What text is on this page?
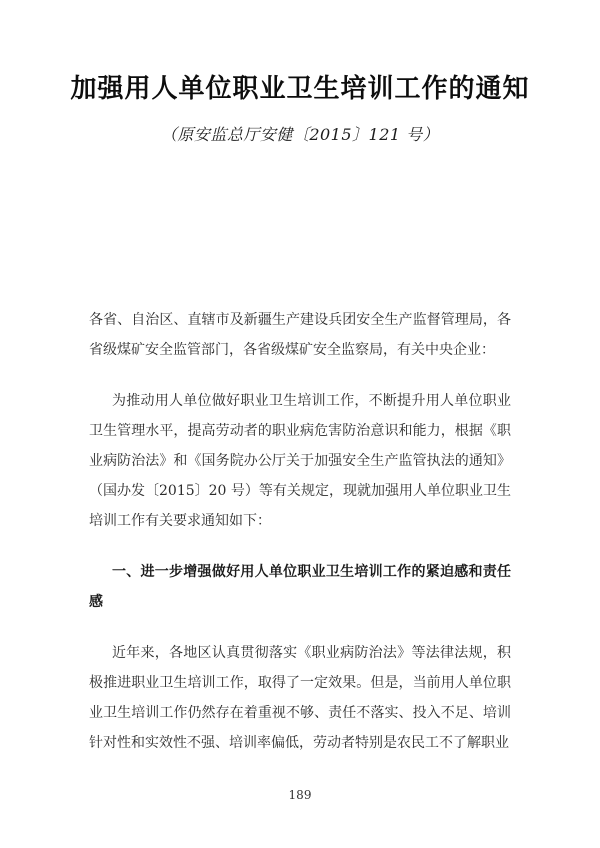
加强用人单位职业卫生培训工作的通知
（原安监总厅安健〔2015〕121 号）

各省、自治区、直辖市及新疆生产建设兵团安全生产监督管理局，各省级煤矿安全监管部门，各省级煤矿安全监察局，有关中央企业：

为推动用人单位做好职业卫生培训工作，不断提升用人单位职业卫生管理水平，提高劳动者的职业病危害防治意识和能力，根据《职业病防治法》和《国务院办公厅关于加强安全生产监管执法的通知》（国办发〔2015〕20 号）等有关规定，现就加强用人单位职业卫生培训工作有关要求通知如下：

一、进一步增强做好用人单位职业卫生培训工作的紧迫感和责任感

近年来，各地区认真贯彻落实《职业病防治法》等法律法规，积极推进职业卫生培训工作，取得了一定效果。但是，当前用人单位职业卫生培训工作仍然存在着重视不够、责任不落实、投入不足、培训针对性和实效性不强、培训率偏低，劳动者特别是农民工不了解职业

189
